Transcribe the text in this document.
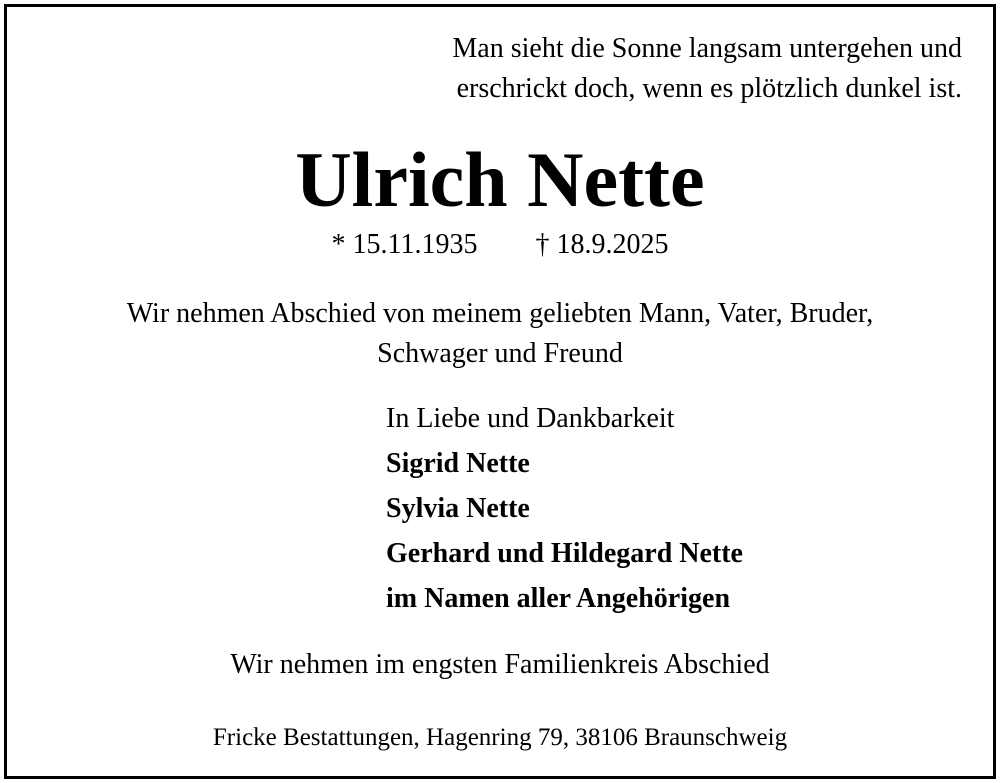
Man sieht die Sonne langsam untergehen und
erschrickt doch, wenn es plötzlich dunkel ist.
Ulrich Nette
* 15.11.1935 † 18.9.2025
Wir nehmen Abschied von meinem geliebten Mann, Vater, Bruder,
Schwager und Freund
In Liebe und Dankbarkeit
Sigrid Nette
Sylvia Nette
Gerhard und Hildegard Nette
im Namen aller Angehörigen
Wir nehmen im engsten Familienkreis Abschied
Fricke Bestattungen, Hagenring 79, 38106 Braunschweig
